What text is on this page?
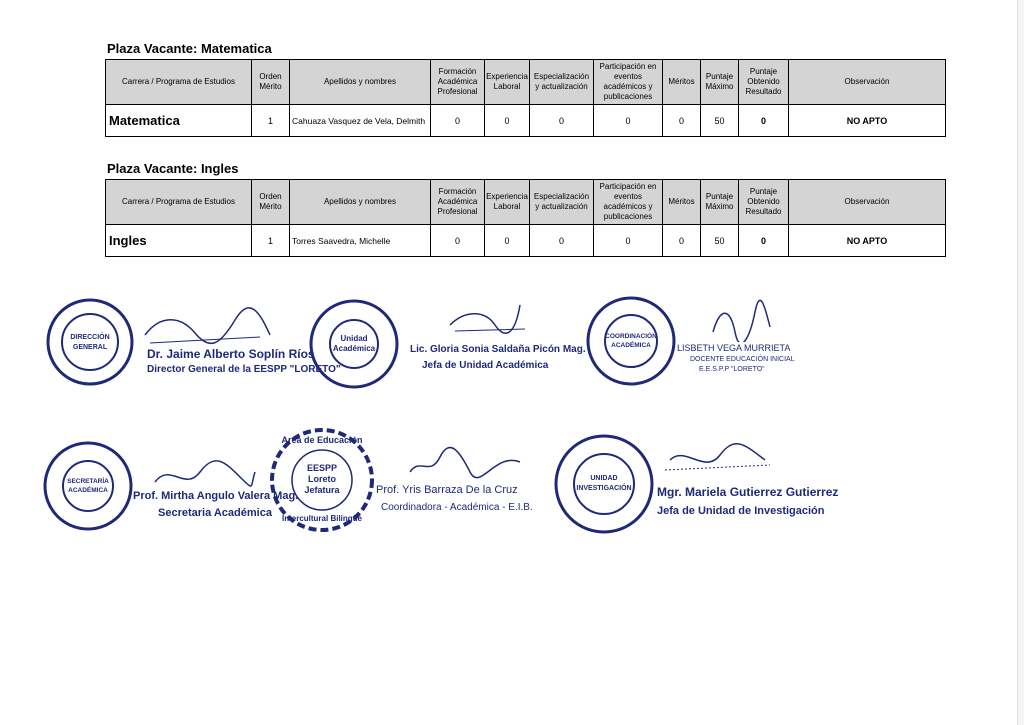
Plaza Vacante: Matematica
Carrera / Programa de Estudios	Orden Mérito	Apellidos y nombres	Formación Académica Profesional	Experiencia Laboral	Especialización y actualización	Participación en eventos académicos y publicaciones	Méritos	Puntaje Máximo	Puntaje Obtenido Resultado	Observación
Matematica	1	Cahuaza Vasquez de Vela, Delmith	0	0	0	0	0	50	0	NO APTO
Plaza Vacante: Ingles
Carrera / Programa de Estudios	Orden Mérito	Apellidos y nombres	Formación Académica Profesional	Experiencia Laboral	Especialización y actualización	Participación en eventos académicos y publicaciones	Méritos	Puntaje Máximo	Puntaje Obtenido Resultado	Observación
Ingles	1	Torres Saavedra, Michelle	0	0	0	0	0	50	0	NO APTO
DIRECCIÓN
GENERAL	Dr. Jaime Alberto Soplín Ríos
Director General de la EESPP "LORETO"
Unidad
Académica	Lic. Gloria Sonia Saldaña Picón Mag.
Jefa de Unidad Académica
COORDINACIÓN
ACADÉMICA	LISBETH VEGA MURRIETA
DOCENTE EDUCACIÓN INICIAL
E.E.S.P.P "LORETO"
SECRETARÍA
ACADÉMICA Prof. Mirtha Angulo Valera Mag.
Secretaria Académica
Area de Educación
EESPP
Loreto
Jefatura
Intercultural Bilingüe
Prof. Yris Barraza De la Cruz
Coordinadora - Académica - E.I.B.
UNIDAD
INVESTIGACIÓN Mgr. Mariela Gutierrez Gutierrez
Jefa de Unidad de Investigación
